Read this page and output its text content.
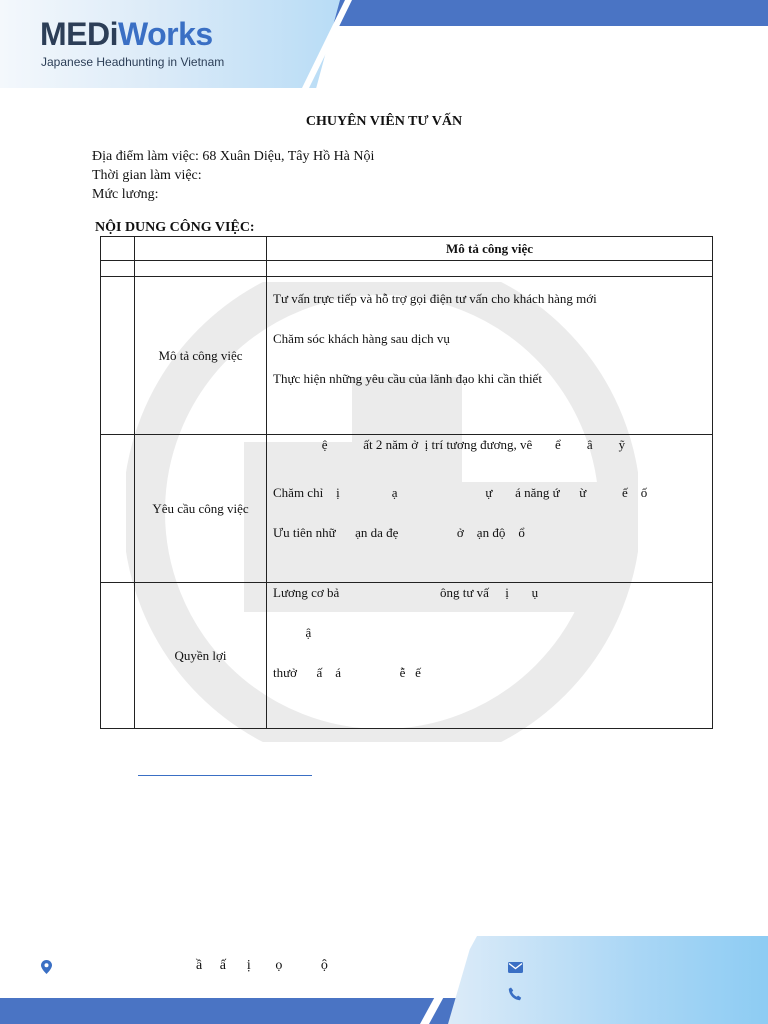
MEDiWorks
Japanese Headhunting in Vietnam
CHUYÊN VIÊN TƯ VẤN
Địa điểm làm việc: 68 Xuân Diệu, Tây Hồ Hà Nội
Thời gian làm việc:
Mức lương:
NỘI DUNG CÔNG VIỆC:
		Mô tả công việc

	Mô tả công việc	Tư vấn trực tiếp và hỗ trợ gọi điện tư vấn cho khách hàng mới
Chăm sóc khách hàng sau dịch vụ
Thực hiện những yêu cầu của lãnh đạo khi cần thiết

	Yêu cầu công việc	ệ           ất 2 năm ở  ị trí tương đương, vê       ể        â        ỹ
Chăm chỉ    ị                ạ                           ự       á năng ứ      ừ           ế    ố
Ưu tiên nhữ      ạn da đẹ                  ở    ạn độ    ổ

	Quyền lợi	Lương cơ bả                               ông tư vấ     ị       ụ
ậ
thưở      ấ    á                  ễ   ế
ầ     ấ      ị       ọ           ộ
